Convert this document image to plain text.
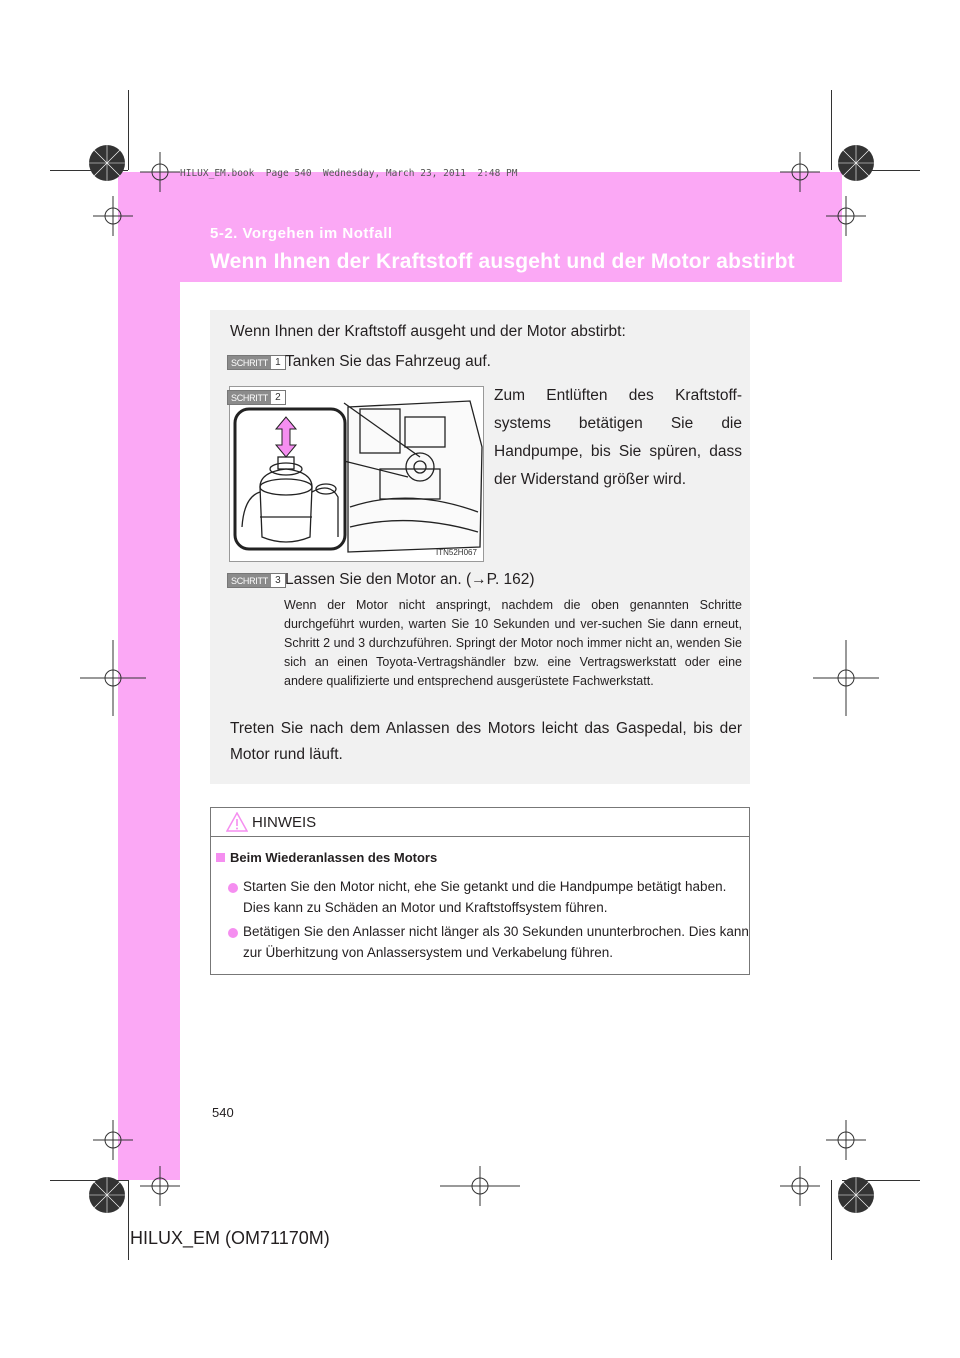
HILUX_EM.book  Page 540  Wednesday, March 23, 2011  2:48 PM
5-2. Vorgehen im Notfall
Wenn Ihnen der Kraftstoff ausgeht und der Motor abstirbt
Wenn Ihnen der Kraftstoff ausgeht und der Motor abstirbt:
SCHRITT 1 Tanken Sie das Fahrzeug auf.
SCHRITT 2
ITN52H067
Zum Entlüften des Kraftstoff-systems betätigen Sie die Handpumpe, bis Sie spüren, dass der Widerstand größer wird.
SCHRITT 3 Lassen Sie den Motor an. (→P. 162)
Wenn der Motor nicht anspringt, nachdem die oben genannten Schritte durchgeführt wurden, warten Sie 10 Sekunden und ver-suchen Sie dann erneut, Schritt 2 und 3 durchzuführen. Springt der Motor noch immer nicht an, wenden Sie sich an einen Toyota-Vertragshändler bzw. eine Vertragswerkstatt oder eine andere qualifizierte und entsprechend ausgerüstete Fachwerkstatt.
Treten Sie nach dem Anlassen des Motors leicht das Gaspedal, bis der Motor rund läuft.
HINWEIS
Beim Wiederanlassen des Motors
Starten Sie den Motor nicht, ehe Sie getankt und die Handpumpe betätigt haben. Dies kann zu Schäden an Motor und Kraftstoffsystem führen.
Betätigen Sie den Anlasser nicht länger als 30 Sekunden ununterbrochen. Dies kann zur Überhitzung von Anlassersystem und Verkabelung führen.
540
HILUX_EM (OM71170M)
